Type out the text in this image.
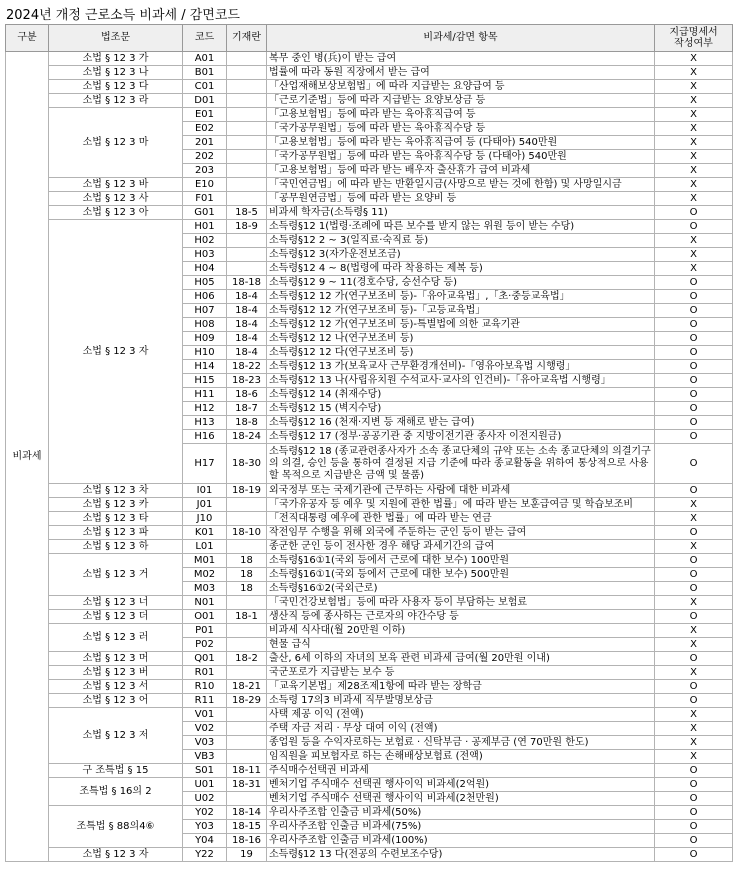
2024년 개정 근로소득 비과세 / 감면코드
구분	법조문	코드	기재란	비과세/감면 항목	지급명세서
작성여부
비과세	소법 § 12 3 가	A01		복무 중인 병(兵)이 받는 급여	X
	소법 § 12 3 나	B01		법률에 따라 동원 직장에서 받는 급여	X
	소법 § 12 3 다	C01		「산업재해보상보험법」에 따라 지급받는 요양급여 등	X
	소법 § 12 3 라	D01		「근로기준법」등에 따라 지급받는 요양보상금 등	X
	소법 § 12 3 마	E01		「고용보험법」등에 따라 받는 육아휴직급여 등	X
		E02		「국가공무원법」등에 따라 받는 육아휴직수당 등	X
		201		「고용보험법」등에 따라 받는 육아휴직급여 등 (다태아) 540만원	X
		202		「국가공무원법」등에 따라 받는 육아휴직수당 등 (다태아) 540만원	X
		203		「고용보험법」등에 따라 받는 배우자 출산휴가 급여 비과세	X
	소법 § 12 3 바	E10		「국민연금법」에 따라 받는 반환일시금(사망으로 받는 것에 한함) 및 사망일시금	X
	소법 § 12 3 사	F01		「공무원연금법」등에 따라 받는 요양비 등	X
	소법 § 12 3 아	G01	18-5	비과세 학자금(소득령§ 11)	O
	소법 § 12 3 자	H01	18-9	소득령§12 1(법령·조례에 따른 보수를 받지 않는 위원 등이 받는 수당)	O
		H02		소득령§12 2 ~ 3(일직료·숙직료 등)	X
		H03		소득령§12 3(자가운전보조금)	X
		H04		소득령§12 4 ~ 8(법령에 따라 착용하는 제복 등)	X
		H05	18-18	소득령§12 9 ~ 11(경호수당, 승선수당 등)	O
		H06	18-4	소득령§12 12 가(연구보조비 등)-「유아교육법」,「초·중등교육법」	O
		H07	18-4	소득령§12 12 가(연구보조비 등)-「고등교육법」	O
		H08	18-4	소득령§12 12 가(연구보조비 등)-특별법에 의한 교육기관	O
		H09	18-4	소득령§12 12 나(연구보조비 등)	O
		H10	18-4	소득령§12 12 다(연구보조비 등)	O
		H14	18-22	소득령§12 13 가(보육교사 근무환경개선비)-「영유아보육법 시행령」	O
		H15	18-23	소득령§12 13 나(사립유치원 수석교사·교사의 인건비)-「유아교육법 시행령」	O
		H11	18-6	소득령§12 14 (취재수당)	O
		H12	18-7	소득령§12 15 (벽지수당)	O
		H13	18-8	소득령§12 16 (천재·지변 등 재해로 받는 급여)	O
		H16	18-24	소득령§12 17 (정부·공공기관 중 지방이전기관 종사자 이전지원금)	O
		H17	18-30	소득령§12 18 (종교관련종사자가 소속 종교단체의 규약 또는 소속 종교단체의 의결기구의 의결, 승인 등을 통하여 결정된 지급 기준에 따라 종교활동을 위하여 통상적으로 사용할 목적으로 지급받은 금액 및 물품)	O
	소법 § 12 3 차	I01	18-19	외국정부 또는 국제기관에 근무하는 사람에 대한 비과세	O
	소법 § 12 3 카	J01		「국가유공자 등 예우 및 지원에 관한 법률」에 따라 받는 보훈급여금 및 학습보조비	X
	소법 § 12 3 타	J10		「전직대통령 예우에 관한 법률」에 따라 받는 연금	X
	소법 § 12 3 파	K01	18-10	작전임무 수행을 위해 외국에 주둔하는 군인 등이 받는 급여	O
	소법 § 12 3 하	L01		종군한 군인 등이 전사한 경우 해당 과세기간의 급여	X
	소법 § 12 3 거	M01	18	소득령§16①1(국외 등에서 근로에 대한 보수) 100만원	O
		M02	18	소득령§16①1(국외 등에서 근로에 대한 보수) 500만원	O
		M03	18	소득령§16①2(국외근로)	O
	소법 § 12 3 너	N01		「국민건강보험법」등에 따라 사용자 등이 부담하는 보험료	X
	소법 § 12 3 더	O01	18-1	생산직 등에 종사하는 근로자의 야간수당 등	O
	소법 § 12 3 러	P01		비과세 식사대(월 20만원 이하)	X
		P02		현물 급식	X
	소법 § 12 3 머	Q01	18-2	출산, 6세 이하의 자녀의 보육 관련 비과세 급여(월 20만원 이내)	O
	소법 § 12 3 버	R01		국군포로가 지급받는 보수 등	X
	소법 § 12 3 서	R10	18-21	「교육기본법」제28조제1항에 따라 받는 장학금	O
	소법 § 12 3 어	R11	18-29	소득령 17의3 비과세 직무발명보상금	O
	소법 § 12 3 저	V01		사택 제공 이익 (전액)	X
		V02		주택 자금 저리 · 무상 대여 이익 (전액)	X
		V03		종업원 등을 수익자로하는 보험료 · 신탁부금 · 공제부금 (연 70만원 한도)	X
		VB3		임직원을 피보험자로 하는 손해배상보험료 (전액)	X
	구 조특법 § 15	S01	18-11	주식매수선택권 비과세	O
	조특법 § 16의 2	U01	18-31	벤처기업 주식매수 선택권 행사이익 비과세(2억원)	O
		U02		벤처기업 주식매수 선택권 행사이익 비과세(2천만원)	O
	조특법 § 88의4⑥	Y02	18-14	우리사주조합 인출금 비과세(50%)	O
		Y03	18-15	우리사주조합 인출금 비과세(75%)	O
		Y04	18-16	우리사주조합 인출금 비과세(100%)	O
	소법 § 12 3 자	Y22	19	소득령§12 13 다(전공의 수련보조수당)	O
